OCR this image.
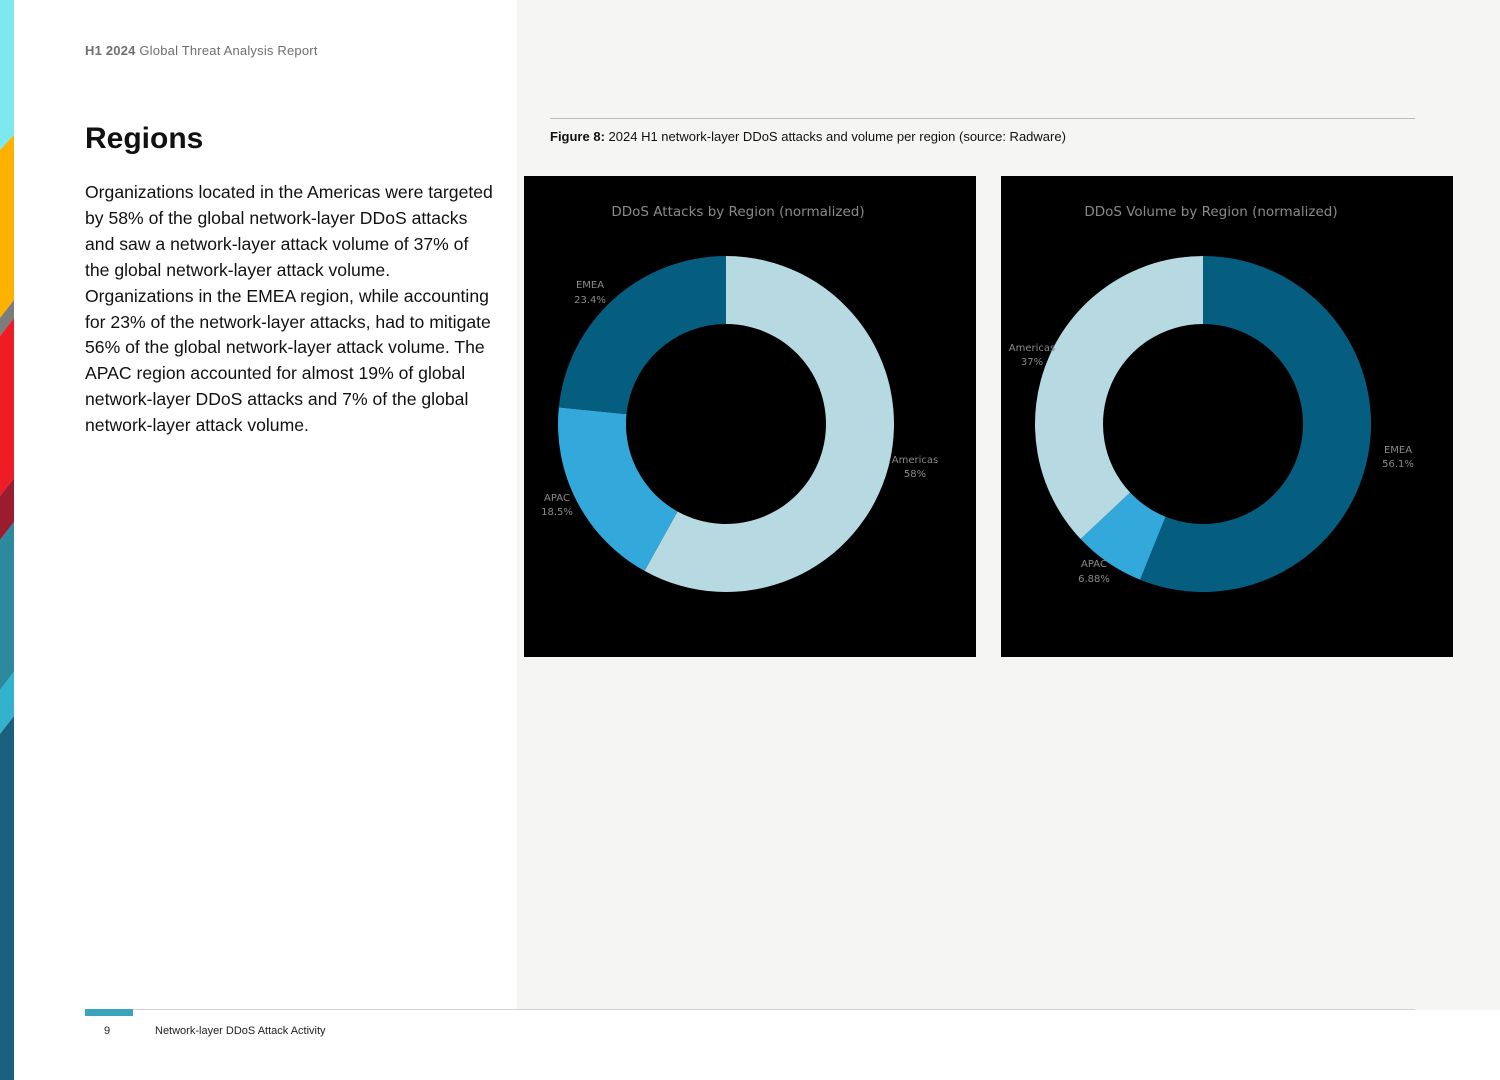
H1 2024 Global Threat Analysis Report
Regions

Organizations located in the Americas were targeted by 58% of the global network-layer DDoS attacks and saw a network-layer attack volume of 37% of the global network-layer attack volume. Organizations in the EMEA region, while accounting for 23% of the network-layer attacks, had to mitigate 56% of the global network-layer attack volume. The APAC region accounted for almost 19% of global network-layer DDoS attacks and 7% of the global network-layer attack volume.

Figure 8: 2024 H1 network-layer DDoS attacks and volume per region (source: Radware)
DDoS Attacks by Region (normalized)
Americas
58%
APAC
18.5%
EMEA
23.4%
DDoS Volume by Region (normalized)
EMEA
56.1%
APAC
6.88%
Americas
37%
9	Network-layer DDoS Attack Activity
